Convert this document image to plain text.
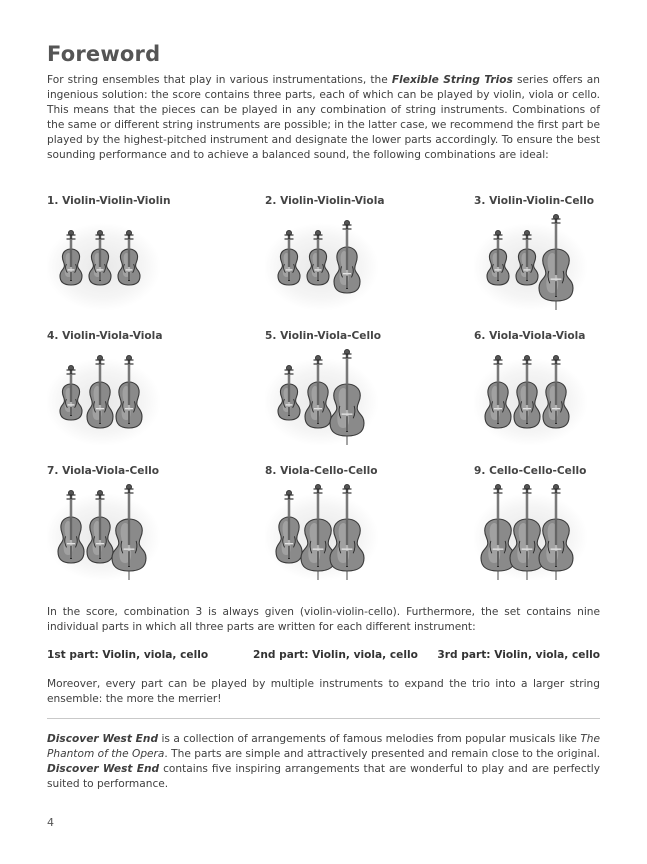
Foreword

For string ensembles that play in various instrumentations, the Flexible String Trios series offers an ingenious solution: the score contains three parts, each of which can be played by violin, viola or cello. This means that the pieces can be played in any combination of string instruments. Combinations of the same or different string instruments are possible; in the latter case, we recommend the first part be played by the highest-pitched instrument and designate the lower parts accordingly. To ensure the best sounding performance and to achieve a balanced sound, the following combinations are ideal:

1. Violin-Violin-Violin	2. Violin-Violin-Viola	3. Violin-Violin-Cello
4. Violin-Viola-Viola	5. Violin-Viola-Cello	6. Viola-Viola-Viola
7. Viola-Viola-Cello	8. Viola-Cello-Cello	9. Cello-Cello-Cello

In the score, combination 3 is always given (violin-violin-cello). Furthermore, the set contains nine individual parts in which all three parts are written for each different instrument:

1st part: Violin, viola, cello	2nd part: Violin, viola, cello 3rd part: Violin, viola, cello

Moreover, every part can be played by multiple instruments to expand the trio into a larger string ensemble: the more the merrier!

Discover West End is a collection of arrangements of famous melodies from popular musicals like The Phantom of the Opera. The parts are simple and attractively presented and remain close to the original. Discover West End contains five inspiring arrangements that are wonderful to play and are perfectly suited to performance.

4
